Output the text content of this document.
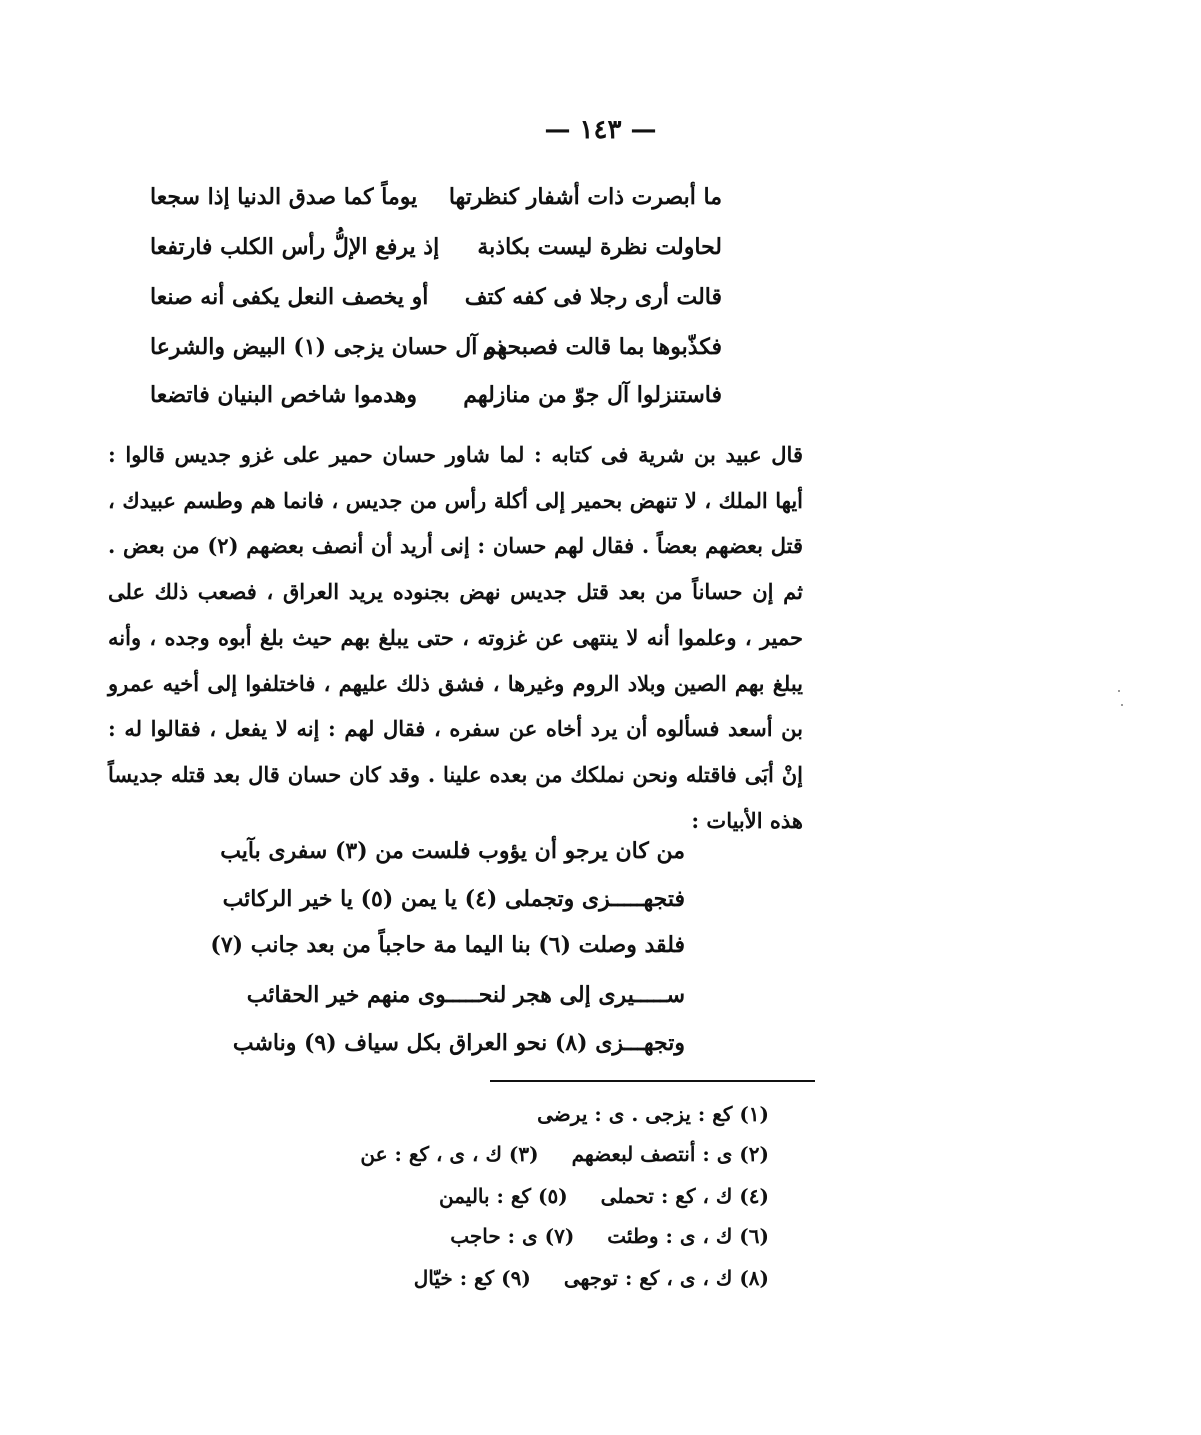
— ١٤٣ —
ما أبصرت ذات أشفار كنظرتها
يوماً كما صدق الدنيا إذا سجعا
لحاولت نظرة ليست بكاذبة
إذ يرفع الإلُّ رأس الكلب فارتفعا
قالت أرى رجلا فى كفه كتف
أو يخصف النعل يكفى أنه صنعا
فكذّبوها بما قالت فصبحهم
ذو آل حسان يزجى (١) البيض والشرعا
فاستنزلوا آل جوّ من منازلهم
وهدموا شاخص البنيان فاتضعا

قال عبيد بن شرية فى كتابه : لما شاور حسان حمير على غزو جديس قالوا : أيها الملك ، لا تنهض بحمير إلى أكلة رأس من جديس ، فانما هم وطسم عبيدك ، قتل بعضهم بعضاً . فقال لهم حسان : إنى أريد أن أنصف بعضهم (٢) من بعض . ثم إن حساناً من بعد قتل جديس نهض بجنوده يريد العراق ، فصعب ذلك على حمير ، وعلموا أنه لا ينتهى عن غزوته ، حتى يبلغ بهم حيث بلغ أبوه وجده ، وأنه يبلغ بهم الصين وبلاد الروم وغيرها ، فشق ذلك عليهم ، فاختلفوا إلى أخيه عمرو بن أسعد فسألوه أن يرد أخاه عن سفره ، فقال لهم : إنه لا يفعل ، فقالوا له : إنْ أبَى فاقتله ونحن نملكك من بعده علينا . وقد كان حسان قال بعد قتله جديساً هذه الأبيات :

من كان يرجو أن يؤوب فلست من (٣) سفرى بآيب
فتجهـــــزى وتجملى (٤) يا يمن (٥) يا خير الركائب
فلقد وصلت (٦) بنا اليما مة حاجباً من بعد جانب (٧)
ســـــيرى إلى هجر لنحـــــوى منهم خير الحقائب
وتجهـــزى (٨) نحو العراق بكل سياف (٩) وناشب
(١) كع : يزجى . ى : يرضى
(٢) ى : أنتصف لبعضهم (٣) ك ، ى ، كع : عن
(٤) ك ، كع : تحملى (٥) كع : باليمن
(٦) ك ، ى : وطئت (٧) ى : حاجب
(٨) ك ، ى ، كع : توجهى (٩) كع : خيّال
